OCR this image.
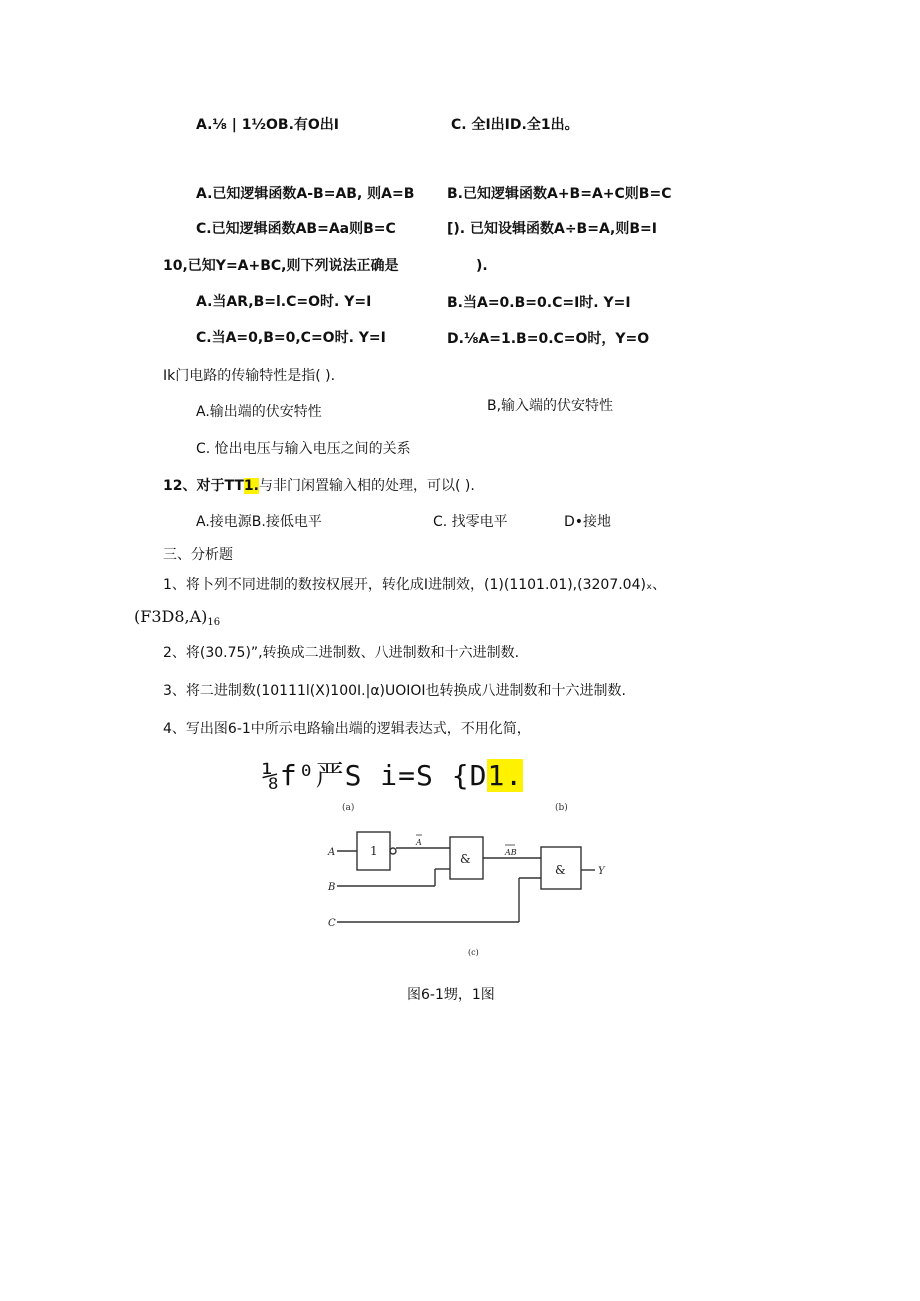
A.⅛ | 1½OB.有O出I	C. 全I出ID.全1出。
A.已知逻辑函数A-B=AB, 则A=B B.已知逻辑函数A+B=A+C则B=C
C.已知逻辑函数AB=Aa则B=C	[). 已知设辑函数A÷B=A,则B=I
10,已知Y=A+BC,则下列说法正确是	).
A.当AR,B=l.C=O时. Y=I	B.当A=0.B=0.C=I时. Y=I
C.当A=0,B=0,C=O时. Y=I	D.⅛A=1.B=0.C=O时，Y=O
Ik门电路的传输特性是指( ).
A.输出端的伏安特性	B,输入端的伏安特性
C. 怆出电压与输入电压之间的关系
12、对于TT1.与非门闲置输入相的处理，可以( ).
A.接电源B.接低电平	C. 找零电平	D•接地
三、分析题
1、将卜列不同进制的数按权展开，转化成I进制效，(1)(1101.01),(3207.04)ₓ、
$(F3D8,A)_{16}$
2、将(30.75)”,转换成二进制数、八进制数和十六进制数.
3、将二进制数(10111l(X)100I.|α)UOIOI也转换成八进制数和十六进制数.
4、写出图6-1中所示电路输出端的逻辑表达式，不用化简，
⅛f⁰严S i=S {D1.
(a)	(b)
A
B
C
1
&
&
A
AB
Y
(c)
图6-1甥，1图
